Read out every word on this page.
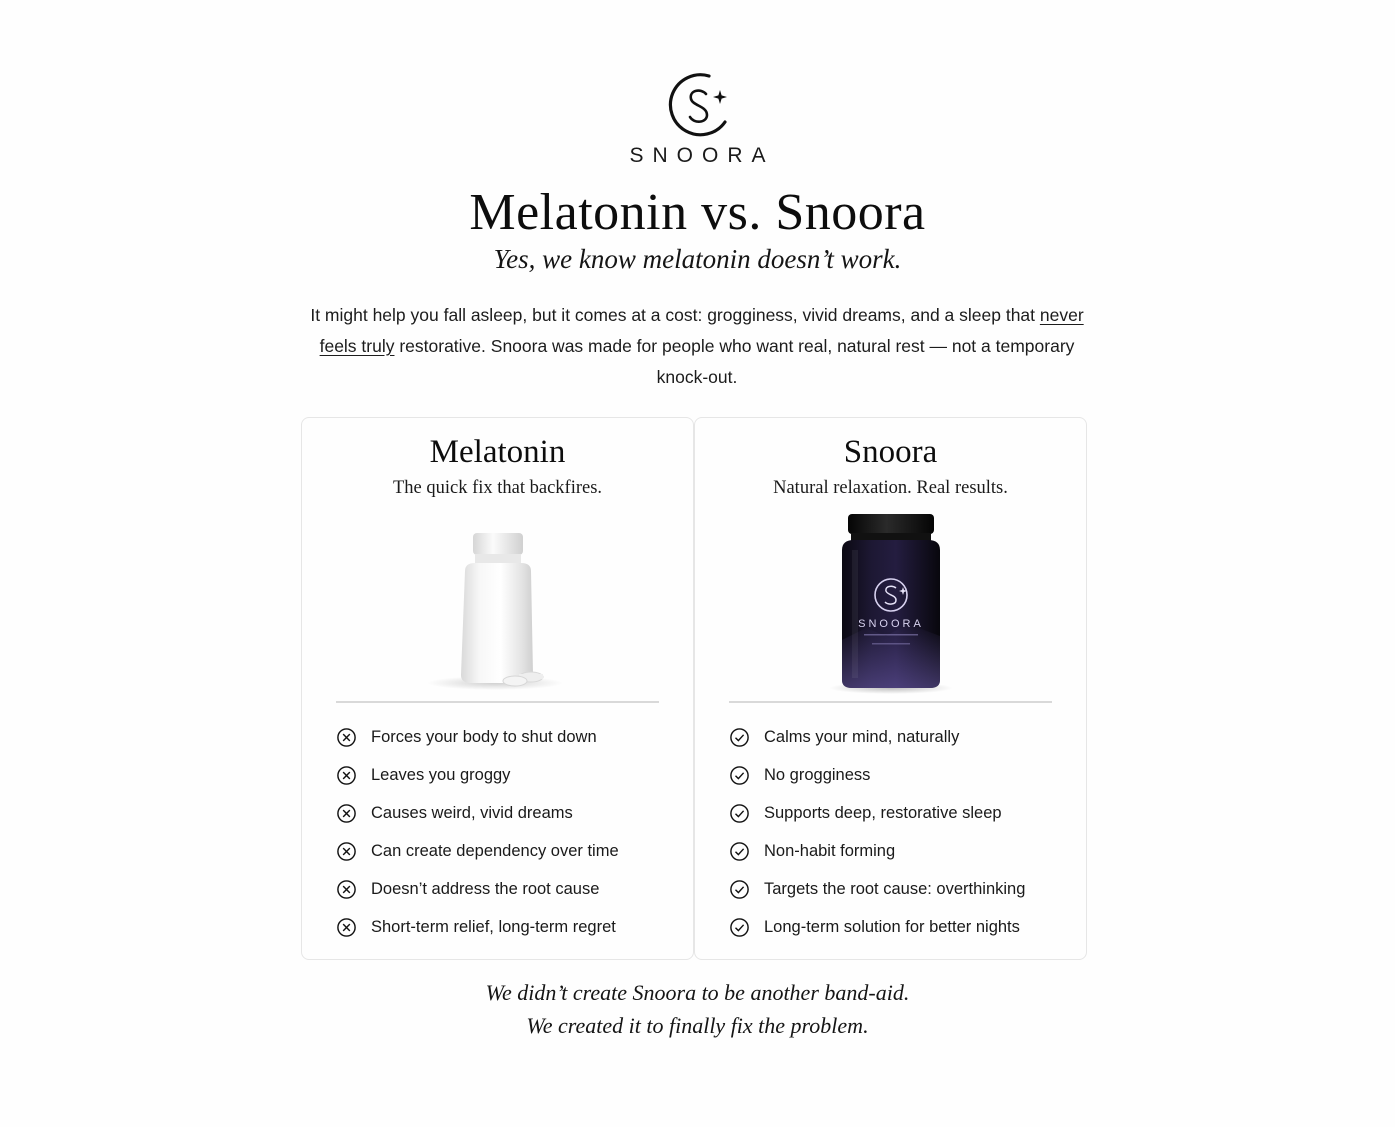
SNOORA
Melatonin vs. Snoora
Yes, we know melatonin doesn’t work.

It might help you fall asleep, but it comes at a cost: grogginess, vivid dreams, and a sleep that never feels truly restorative. Snoora was made for people who want real, natural rest — not a temporary knock-out.

Melatonin
The quick fix that backfires.
Forces your body to shut down
Leaves you groggy
Causes weird, vivid dreams
Can create dependency over time
Doesn’t address the root cause
Short-term relief, long-term regret
Snoora
Natural relaxation. Real results.
SNOORA
Calms your mind, naturally
No grogginess
Supports deep, restorative sleep
Non-habit forming
Targets the root cause: overthinking
Long-term solution for better nights
We didn’t create Snoora to be another band-aid.
We created it to finally fix the problem.
